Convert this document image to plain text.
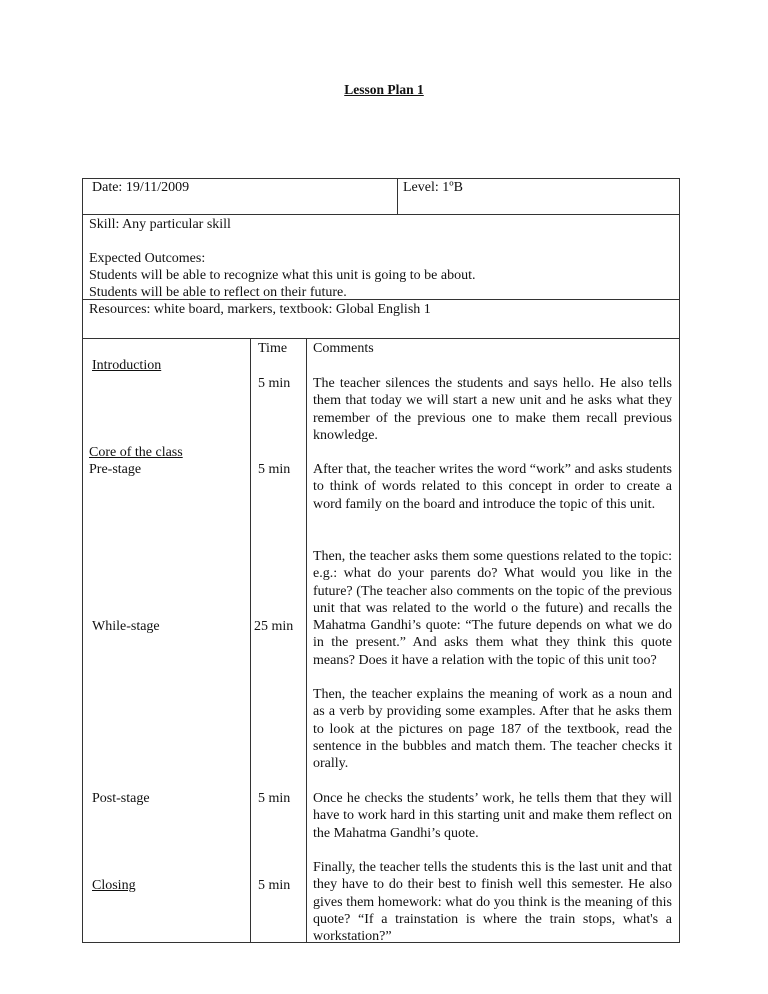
Lesson Plan 1
Date: 19/11/2009	Level: 1ºB
Skill: Any particular skill
Expected Outcomes:
Students will be able to recognize what this unit is going to be about.
Students will be able to reflect on their future.
Resources: white board, markers, textbook: Global English 1
Time Comments
Introduction
Core of the class
Pre-stage
While-stage
Post-stage
Closing
5 min
5 min
25 min
5 min
5 min
The teacher silences the students and says hello. He also tells them that today we will start a new unit and he asks what they remember of the previous one to make them recall previous knowledge.
After that, the teacher writes the word “work” and asks students to think of words related to this concept in order to create a word family on the board and introduce the topic of this unit.
Then, the teacher asks them some questions related to the topic: e.g.: what do your parents do? What would you like in the future? (The teacher also comments on the topic of the previous unit that was related to the world o the future) and recalls the Mahatma Gandhi’s quote: “The future depends on what we do in the present.” And asks them what they think this quote means? Does it have a relation with the topic of this unit too?
Then, the teacher explains the meaning of work as a noun and as a verb by providing some examples. After that he asks them to look at the pictures on page 187 of the textbook, read the sentence in the bubbles and match them. The teacher checks it orally.
Once he checks the students’ work, he tells them that they will have to work hard in this starting unit and make them reflect on the Mahatma Gandhi’s quote.
Finally, the teacher tells the students this is the last unit and that they have to do their best to finish well this semester. He also gives them homework: what do you think is the meaning of this quote? “If a trainstation is where the train stops, what's a workstation?”
